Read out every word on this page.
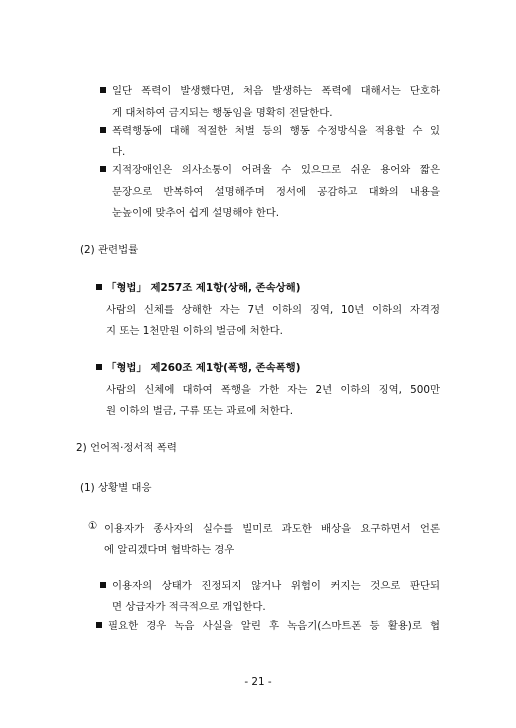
일단 폭력이 발생했다면, 처음 발생하는 폭력에 대해서는 단호하
게 대처하여 금지되는 행동임을 명확히 전달한다.
폭력행동에 대해 적절한 처벌 등의 행동 수정방식을 적용할 수 있
다.
지적장애인은 의사소통이 어려울 수 있으므로 쉬운 용어와 짧은
문장으로 반복하여 설명해주며 정서에 공감하고 대화의 내용을
눈높이에 맞추어 쉽게 설명해야 한다.
(2) 관련법률
「형법」 제257조 제1항(상해, 존속상해)
사람의 신체를 상해한 자는 7년 이하의 징역, 10년 이하의 자격정
지 또는 1천만원 이하의 벌금에 처한다.
「형법」 제260조 제1항(폭행, 존속폭행)
사람의 신체에 대하여 폭행을 가한 자는 2년 이하의 징역, 500만
원 이하의 벌금, 구류 또는 과료에 처한다.
2) 언어적·정서적 폭력
(1) 상황별 대응
① 이용자가 종사자의 실수를 빌미로 과도한 배상을 요구하면서 언론
에 알리겠다며 협박하는 경우
이용자의 상태가 진정되지 않거나 위험이 커지는 것으로 판단되
면 상급자가 적극적으로 개입한다.
필요한 경우 녹음 사실을 알린 후 녹음기(스마트폰 등 활용)로 협
- 21 -
